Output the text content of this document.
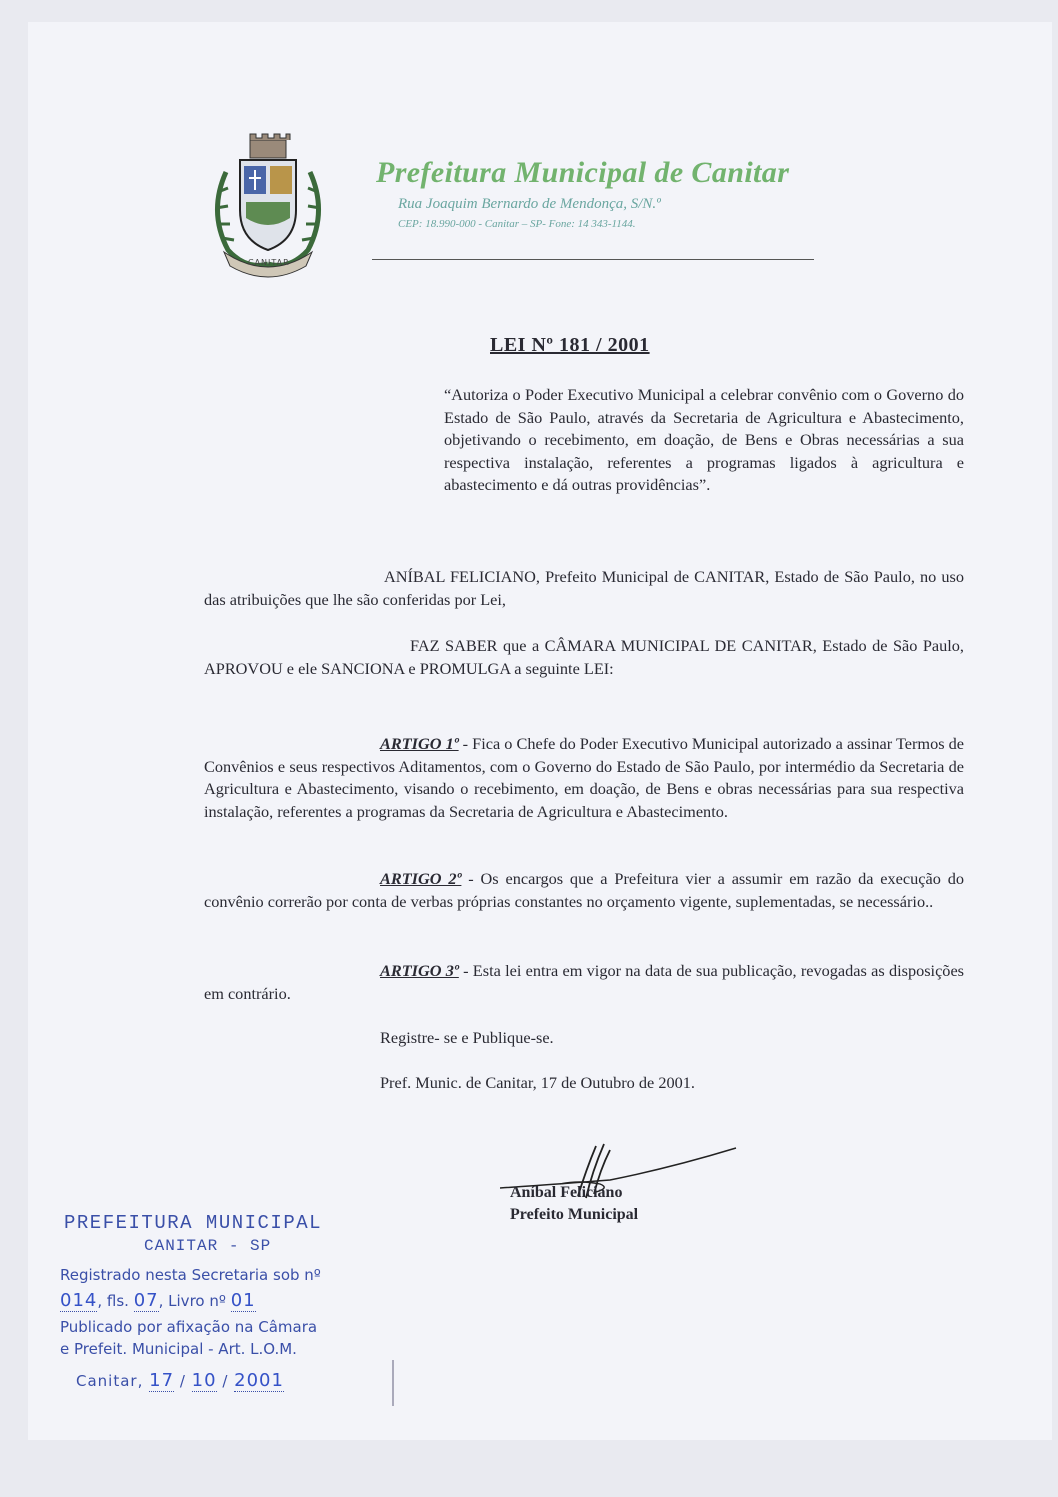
CANITAR
Prefeitura Municipal de Canitar

Rua Joaquim Bernardo de Mendonça, S/N.º

CEP: 18.990-000 - Canitar – SP- Fone: 14 343-1144.

LEI Nº 181 / 2001

“Autoriza o Poder Executivo Municipal a celebrar convênio com o Governo do Estado de São Paulo, através da Secretaria de Agricultura e Abastecimento, objetivando o recebimento, em doação, de Bens e Obras necessárias a sua respectiva instalação, referentes a programas ligados à agricultura e abastecimento e dá outras providências”.

ANÍBAL FELICIANO, Prefeito Municipal de CANITAR, Estado de São Paulo, no uso das atribuições que lhe são conferidas por Lei,

FAZ SABER que a CÂMARA MUNICIPAL DE CANITAR, Estado de São Paulo, APROVOU e ele SANCIONA e PROMULGA a seguinte LEI:

ARTIGO 1º - Fica o Chefe do Poder Executivo Municipal autorizado a assinar Termos de Convênios e seus respectivos Aditamentos, com o Governo do Estado de São Paulo, por intermédio da Secretaria de Agricultura e Abastecimento, visando o recebimento, em doação, de Bens e obras necessárias para sua respectiva instalação, referentes a programas da Secretaria de Agricultura e Abastecimento.

ARTIGO 2º - Os encargos que a Prefeitura vier a assumir em razão da execução do convênio correrão por conta de verbas próprias constantes no orçamento vigente, suplementadas, se necessário..

ARTIGO 3º - Esta lei entra em vigor na data de sua publicação, revogadas as disposições em contrário.

Registre- se e Publique-se.

Pref. Munic. de Canitar, 17 de Outubro de 2001.

Aníbal Feliciano

Prefeito Municipal

PREFEITURA MUNICIPAL
CANITAR - SP
Registrado nesta Secretaria sob nº
014, fls. 07, Livro nº 01
Publicado por afixação na Câmara
e Prefeit. Municipal - Art. L.O.M.
Canitar, 17 / 10 / 2001
